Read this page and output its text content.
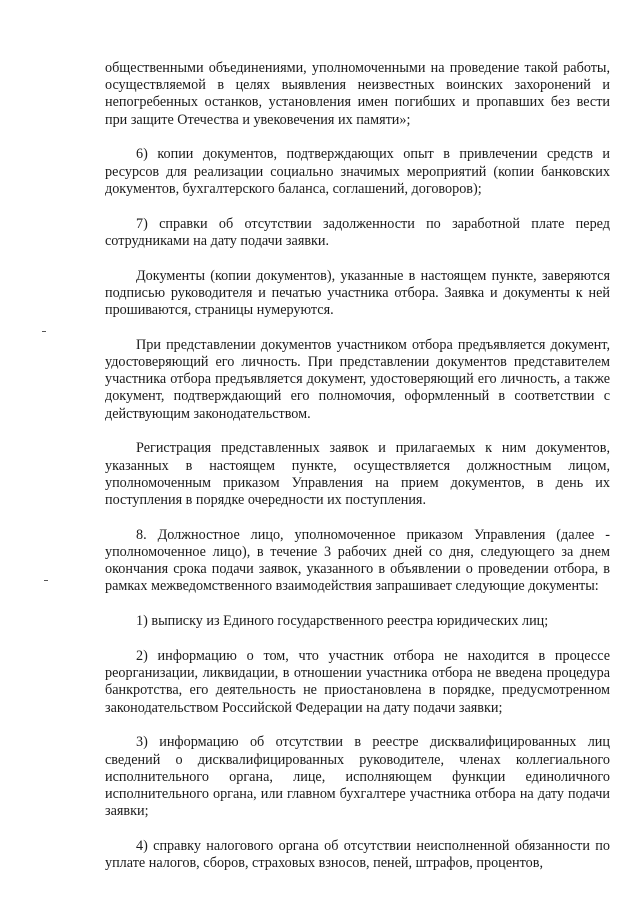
общественными объединениями, уполномоченными на проведение такой работы, осуществляемой в целях выявления неизвестных воинских захоронений и непогребенных останков, установления имен погибших и пропавших без вести при защите Отечества и увековечения их памяти»;

6) копии документов, подтверждающих опыт в привлечении средств и ресурсов для реализации социально значимых мероприятий (копии банковских документов, бухгалтерского баланса, соглашений, договоров);

7) справки об отсутствии задолженности по заработной плате перед сотрудниками на дату подачи заявки.

Документы (копии документов), указанные в настоящем пункте, заверяются подписью руководителя и печатью участника отбора. Заявка и документы к ней прошиваются, страницы нумеруются.

При представлении документов участником отбора предъявляется документ, удостоверяющий его личность. При представлении документов представителем участника отбора предъявляется документ, удостоверяющий его личность, а также документ, подтверждающий его полномочия, оформленный в соответствии с действующим законодательством.

Регистрация представленных заявок и прилагаемых к ним документов, указанных в настоящем пункте, осуществляется должностным лицом, уполномоченным приказом Управления на прием документов, в день их поступления в порядке очередности их поступления.

8. Должностное лицо, уполномоченное приказом Управления (далее - уполномоченное лицо), в течение 3 рабочих дней со дня, следующего за днем окончания срока подачи заявок, указанного в объявлении о проведении отбора, в рамках межведомственного взаимодействия запрашивает следующие документы:

1) выписку из Единого государственного реестра юридических лиц;

2) информацию о том, что участник отбора не находится в процессе реорганизации, ликвидации, в отношении участника отбора не введена процедура банкротства, его деятельность не приостановлена в порядке, предусмотренном законодательством Российской Федерации на дату подачи заявки;

3) информацию об отсутствии в реестре дисквалифицированных лиц сведений о дисквалифицированных руководителе, членах коллегиального исполнительного органа, лице, исполняющем функции единоличного исполнительного органа, или главном бухгалтере участника отбора на дату подачи заявки;

4) справку налогового органа об отсутствии неисполненной обязанности по уплате налогов, сборов, страховых взносов, пеней, штрафов, процентов,
